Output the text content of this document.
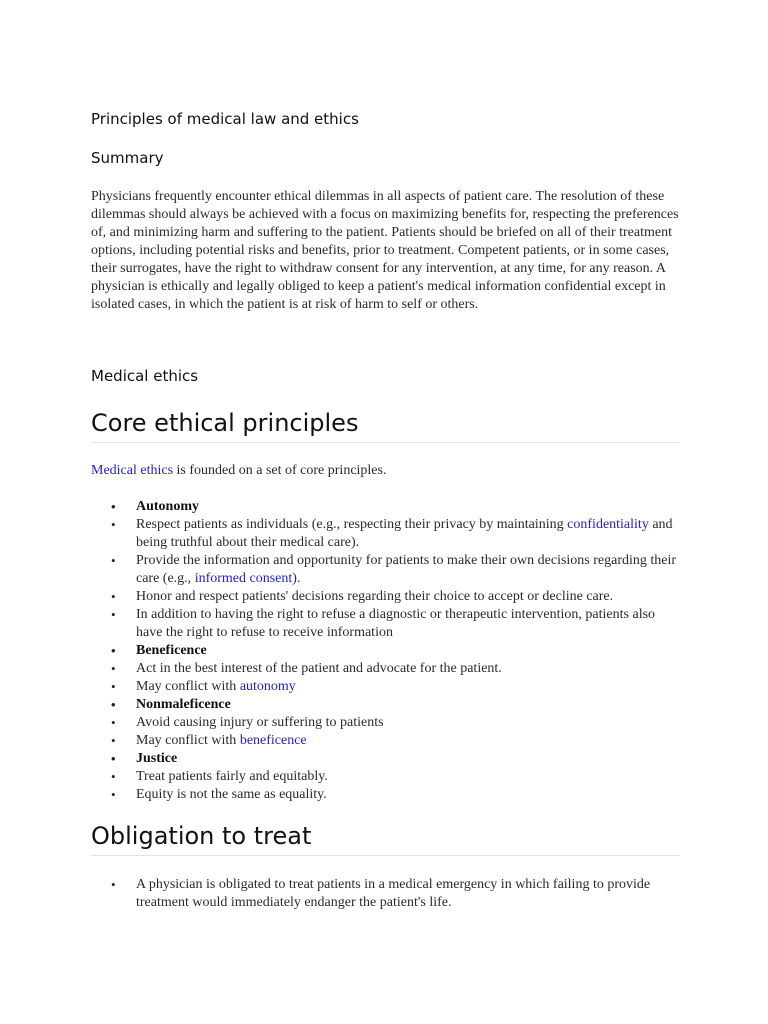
Principles of medical law and ethics
Summary

Physicians frequently encounter ethical dilemmas in all aspects of patient care. The resolution of these dilemmas should always be achieved with a focus on maximizing benefits for, respecting the preferences of, and minimizing harm and suffering to the patient. Patients should be briefed on all of their treatment options, including potential risks and benefits, prior to treatment. Competent patients, or in some cases, their surrogates, have the right to withdraw consent for any intervention, at any time, for any reason. A physician is ethically and legally obliged to keep a patient's medical information confidential except in isolated cases, in which the patient is at risk of harm to self or others.

Medical ethics
Core ethical principles

Medical ethics is founded on a set of core principles.

• Autonomy
• Respect patients as individuals (e.g., respecting their privacy by maintaining confidentiality and being truthful about their medical care).
• Provide the information and opportunity for patients to make their own decisions regarding their care (e.g., informed consent).
• Honor and respect patients' decisions regarding their choice to accept or decline care.
• In addition to having the right to refuse a diagnostic or therapeutic intervention, patients also have the right to refuse to receive information
• Beneficence
• Act in the best interest of the patient and advocate for the patient.
• May conflict with autonomy
• Nonmaleficence
• Avoid causing injury or suffering to patients
• May conflict with beneficence
• Justice
• Treat patients fairly and equitably.
• Equity is not the same as equality.
Obligation to treat
• A physician is obligated to treat patients in a medical emergency in which failing to provide treatment would immediately endanger the patient's life.
